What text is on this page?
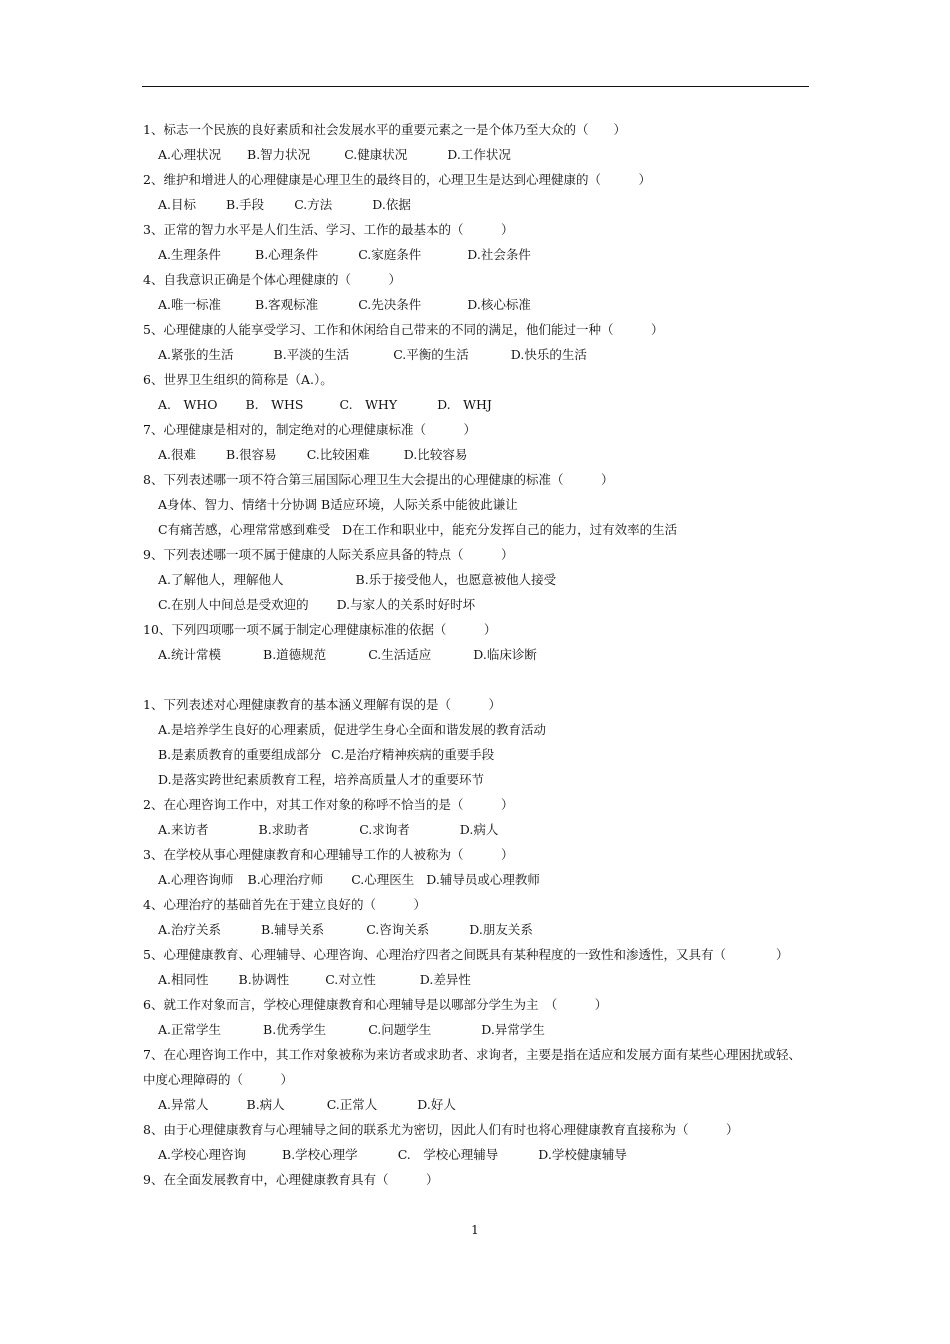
1、标志一个民族的良好素质和社会发展水平的重要元素之一是个体乃至大众的（　　）
A.心理状况 B.智力状况	C.健康状况	D.工作状况
2、维护和增进人的心理健康是心理卫生的最终目的，心理卫生是达到心理健康的（　　　）
A.目标 B.手段 C.方法	D.依据
3、正常的智力水平是人们生活、学习、工作的最基本的（　　　）
A.生理条件	B.心理条件	C.家庭条件	D.社会条件
4、自我意识正确是个体心理健康的（　　　）
A.唯一标准	B.客观标准	C.先决条件	D.核心标准
5、心理健康的人能享受学习、工作和休闲给自己带来的不同的满足，他们能过一种（　　　）
A.紧张的生活	B.平淡的生活	C.平衡的生活	D.快乐的生活
6、世界卫生组织的简称是（A.）。
A.　WHO B.　WHS	C.　WHY	D.　WHJ
7、心理健康是相对的，制定绝对的心理健康标准（　　　）
A.很难 B.很容易 C.比较困难	D.比较容易
8、下列表述哪一项不符合第三届国际心理卫生大会提出的心理健康的标准（　　　）
A身体、智力、情绪十分协调 B适应环境，人际关系中能彼此谦让
C有痛苦感，心理常常感到难受 D在工作和职业中，能充分发挥自己的能力，过有效率的生活
9、下列表述哪一项不属于健康的人际关系应具备的特点（　　　）
A.了解他人，理解他人	B.乐于接受他人，也愿意被他人接受
C.在别人中间总是受欢迎的 D.与家人的关系时好时坏
10、下列四项哪一项不属于制定心理健康标准的依据（　　　）
A.统计常模	B.道德规范	C.生活适应	D.临床诊断
1、下列表述对心理健康教育的基本涵义理解有误的是（　　　）
A.是培养学生良好的心理素质，促进学生身心全面和谐发展的教育活动
B.是素质教育的重要组成部分 C.是治疗精神疾病的重要手段
D.是落实跨世纪素质教育工程，培养高质量人才的重要环节
2、在心理咨询工作中，对其工作对象的称呼不恰当的是（　　　）
A.来访者	B.求助者	C.求询者	D.病人
3、在学校从事心理健康教育和心理辅导工作的人被称为（　　　）
A.心理咨询师 B.心理治疗师 C.心理医生 D.辅导员或心理教师
4、心理治疗的基础首先在于建立良好的（　　　）
A.治疗关系	B.辅导关系	C.咨询关系	D.朋友关系
5、心理健康教育、心理辅导、心理咨询、心理治疗四者之间既具有某种程度的一致性和渗透性，又具有（　　　　）
A.相同性 B.协调性	C.对立性	D.差异性
6、就工作对象而言，学校心理健康教育和心理辅导是以哪部分学生为主　（　　　）
A.正常学生	B.优秀学生	C.问题学生	D.异常学生
7、在心理咨询工作中，其工作对象被称为来访者或求助者、求询者，主要是指在适应和发展方面有某些心理困扰或轻、中度心理障碍的（　　　）
A.异常人	B.病人	C.正常人	D.好人
8、由于心理健康教育与心理辅导之间的联系尤为密切，因此人们有时也将心理健康教育直接称为（　　　）
A.学校心理咨询	B.学校心理学	C.　学校心理辅导	D.学校健康辅导
9、在全面发展教育中，心理健康教育具有（　　　）
1
